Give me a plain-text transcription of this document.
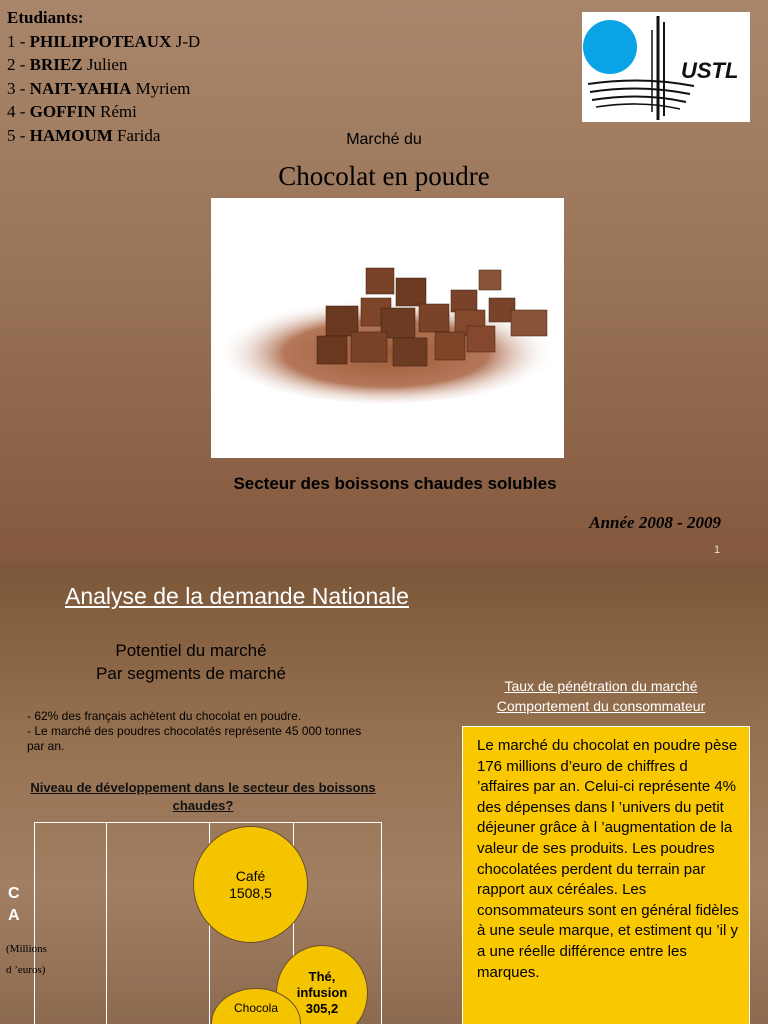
Etudiants:
1 - PHILIPPOTEAUX J-D
2 - BRIEZ Julien
3 - NAIT-YAHIA Myriem
4 - GOFFIN Rémi
5 - HAMOUM Farida
USTL
Marché du
Chocolat en poudre
Secteur des boissons chaudes solubles
Année 2008 - 2009
1
Analyse de la demande Nationale
Potentiel du marché
Par segments de marché
- 62% des français achètent du chocolat en poudre.
- Le marché des poudres chocolatés représente 45 000 tonnes par an.
Taux de pénétration du marché
Comportement du consommateur
Niveau de développement dans le secteur des boissons chaudes?
Café
1508,5
Thé,
infusion
305,2
Chocola
C
A
(Millions
d ’euros)
Le marché du chocolat en poudre pèse 176 millions d’euro de chiffres d ’affaires par an. Celui-ci représente 4% des dépenses dans l ’univers du petit déjeuner grâce à l ’augmentation de la valeur de ses produits. Les poudres chocolatées perdent du terrain par rapport aux céréales. Les consommateurs sont en général fidèles à une seule marque, et estiment qu ’il y a une réelle différence entre les marques.
